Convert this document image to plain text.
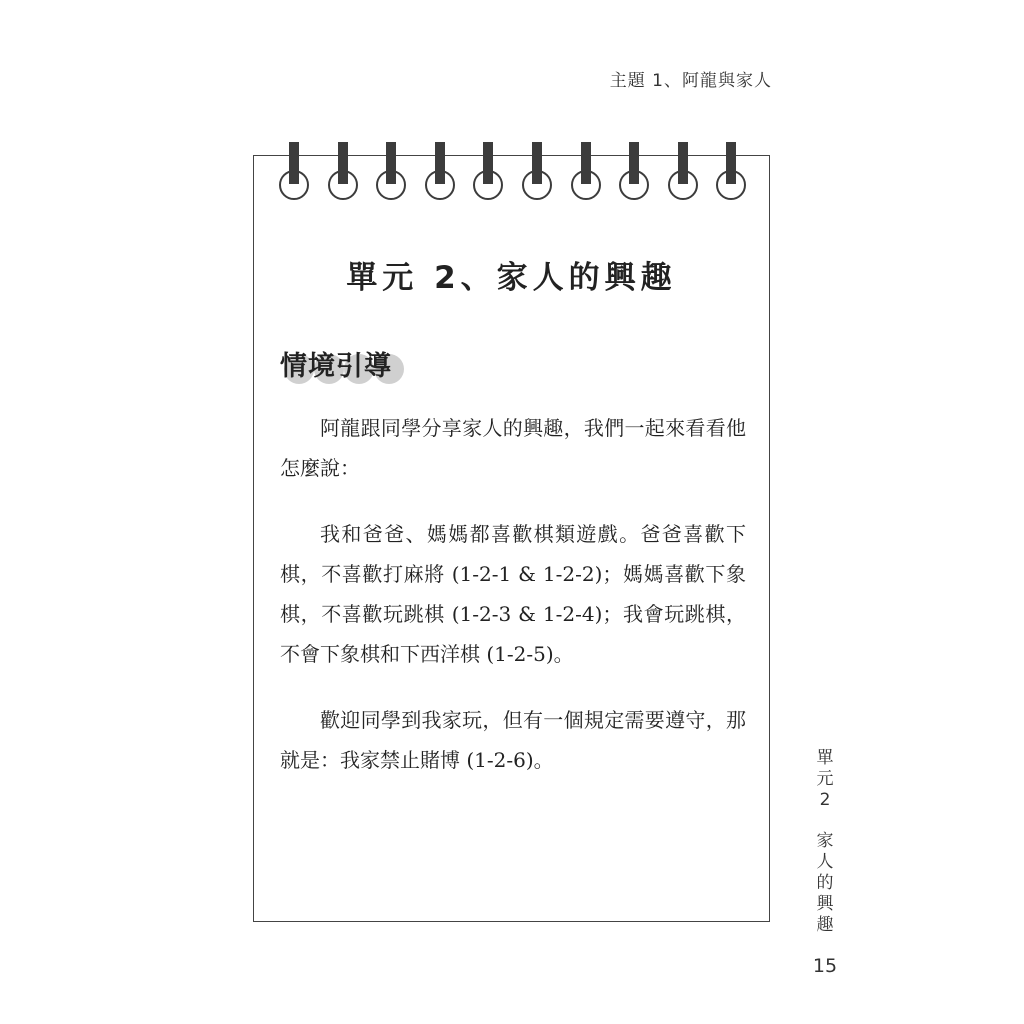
主題 1、阿龍與家人
單元 2、家人的興趣
情境引導

阿龍跟同學分享家人的興趣，我們一起來看看他怎麼說：

我和爸爸、媽媽都喜歡棋類遊戲。爸爸喜歡下棋，不喜歡打麻將 (1-2-1 & 1-2-2)；媽媽喜歡下象棋，不喜歡玩跳棋 (1-2-3 & 1-2-4)；我會玩跳棋，不會下象棋和下西洋棋 (1-2-5)。

歡迎同學到我家玩，但有一個規定需要遵守，那就是：我家禁止賭博 (1-2-6)。	單
元
2
家
人
的
興
趣
15
